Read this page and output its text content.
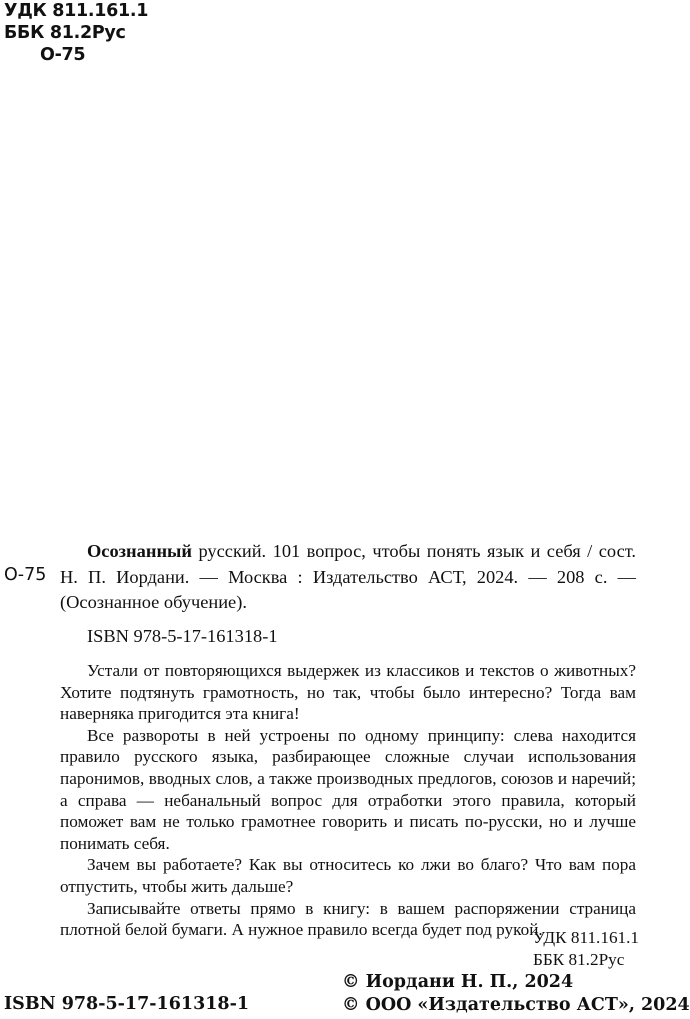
УДК 811.161.1
ББК 81.2Рус
О-75
О-75
Осознанный русский. 101 вопрос, чтобы понять язык и себя / сост. Н. П. Иордани. — Москва : Издательство АСТ, 2024. — 208 с. — (Осознанное обучение).
ISBN 978-5-17-161318-1

Устали от повторяющихся выдержек из классиков и текстов о животных? Хотите подтянуть грамотность, но так, чтобы было интересно? Тогда вам наверняка пригодится эта книга!

Все развороты в ней устроены по одному принципу: слева находится правило русского языка, разбирающее сложные случаи использования паронимов, вводных слов, а также производных предлогов, союзов и наречий; а справа — небанальный вопрос для отработки этого правила, который поможет вам не только грамотнее говорить и писать по-русски, но и лучше понимать себя.

Зачем вы работаете? Как вы относитесь ко лжи во благо? Что вам пора отпустить, чтобы жить дальше?

Записывайте ответы прямо в книгу: в вашем распоряжении страница плотной белой бумаги. А нужное правило всегда будет под рукой.

УДК 811.161.1
ББК 81.2Рус
ISBN 978-5-17-161318-1
© Иордани Н. П., 2024
© ООО «Издательство АСТ», 2024
